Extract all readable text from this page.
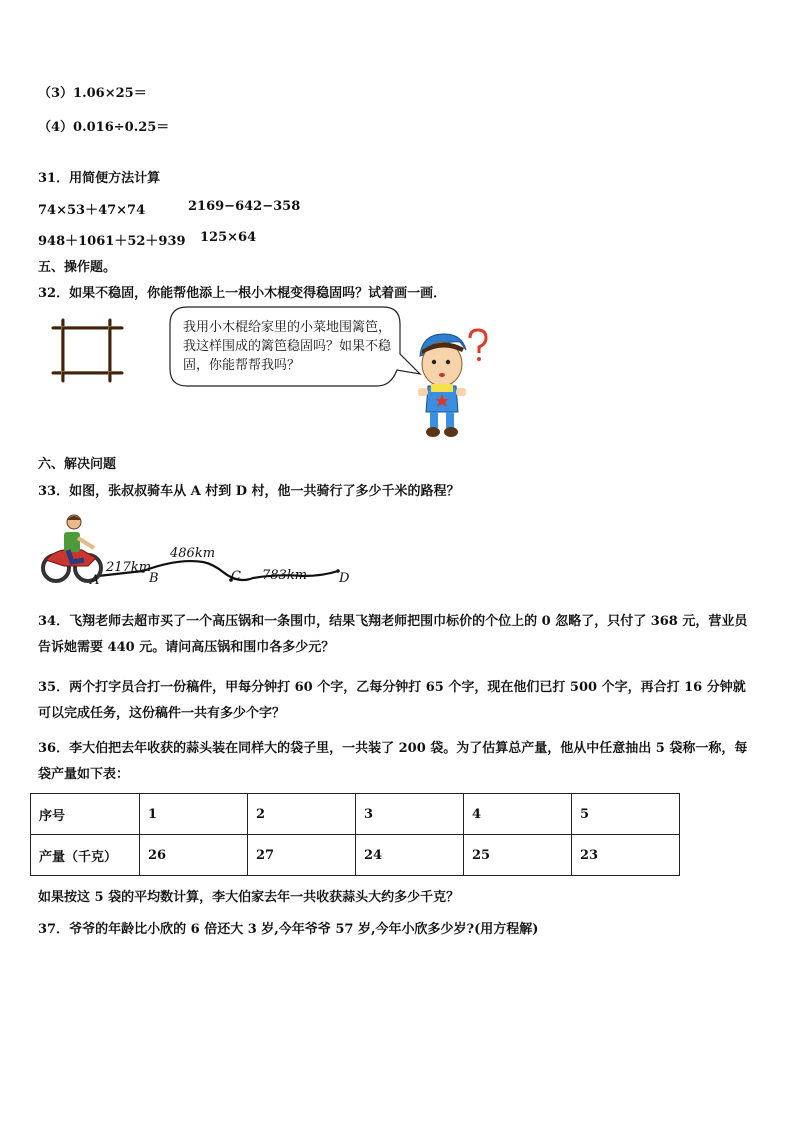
（3）1.06×25＝
（4）0.016÷0.25＝
31．用简便方法计算
74×53＋47×74	2169−642−358
948＋1061＋52＋939 125×64
五、操作题。
32．如果不稳固，你能帮他添上一根小木棍变得稳固吗？试着画一画．
我用小木棍给家里的小菜地围篱笆，我这样围成的篱笆稳固吗？如果不稳固，你能帮帮我吗？
六、解决问题
33．如图，张叔叔骑车从 A 村到 D 村，他一共骑行了多少千米的路程？
217km
486km
783km
A	B	C	D
34．飞翔老师去超市买了一个高压锅和一条围巾，结果飞翔老师把围巾标价的个位上的 0 忽略了，只付了 368 元，营业员告诉她需要 440 元。请问高压锅和围巾各多少元？
35．两个打字员合打一份稿件，甲每分钟打 60 个字，乙每分钟打 65 个字，现在他们已打 500 个字，再合打 16 分钟就可以完成任务，这份稿件一共有多少个字？
36．李大伯把去年收获的蒜头装在同样大的袋子里，一共装了 200 袋。为了估算总产量，他从中任意抽出 5 袋称一称，每袋产量如下表：
序号	1	2	3	4	5
产量（千克）	26	27	24	25	23
如果按这 5 袋的平均数计算，李大伯家去年一共收获蒜头大约多少千克？
37．爷爷的年龄比小欣的 6 倍还大 3 岁,今年爷爷 57 岁,今年小欣多少岁?(用方程解)
